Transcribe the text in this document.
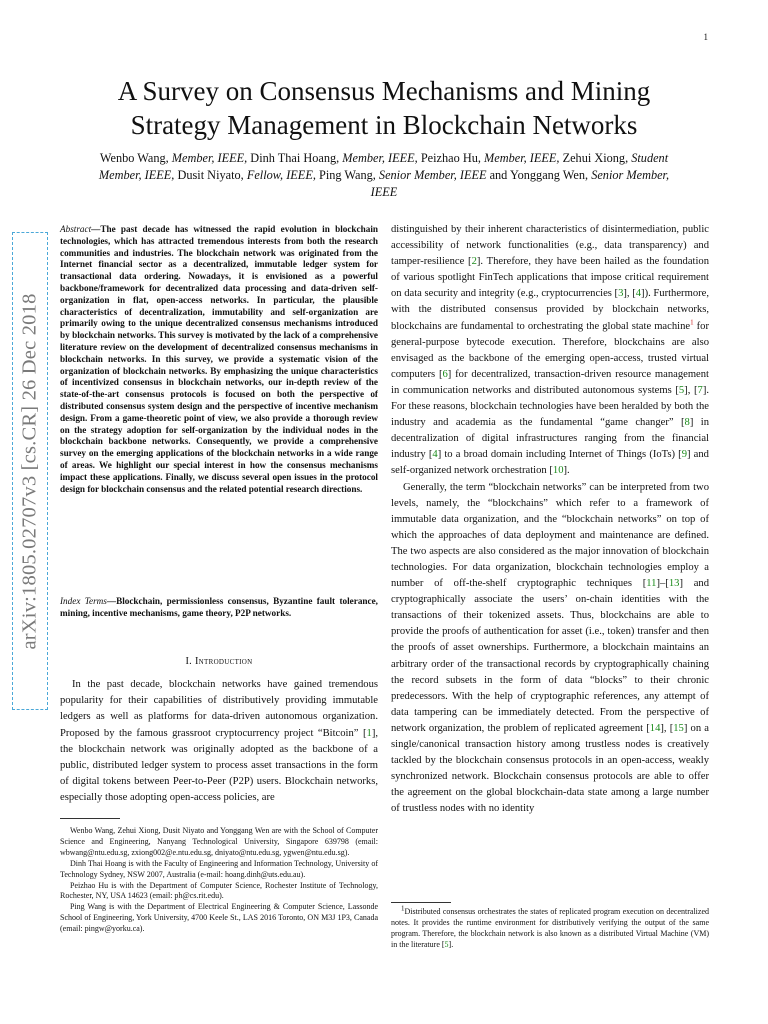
1
arXiv:1805.02707v3 [cs.CR] 26 Dec 2018
A Survey on Consensus Mechanisms and Mining
Strategy Management in Blockchain Networks
Wenbo Wang, Member, IEEE, Dinh Thai Hoang, Member, IEEE, Peizhao Hu, Member, IEEE, Zehui Xiong, Student Member, IEEE, Dusit Niyato, Fellow, IEEE, Ping Wang, Senior Member, IEEE and Yonggang Wen, Senior Member, IEEE
Abstract—The past decade has witnessed the rapid evolution in blockchain technologies, which has attracted tremendous interests from both the research communities and industries. The blockchain network was originated from the Internet financial sector as a decentralized, immutable ledger system for transactional data ordering. Nowadays, it is envisioned as a powerful backbone/framework for decentralized data processing and data-driven self-organization in flat, open-access networks. In particular, the plausible characteristics of decentralization, immutability and self-organization are primarily owing to the unique decentralized consensus mechanisms introduced by blockchain networks. This survey is motivated by the lack of a comprehensive literature review on the development of decentralized consensus mechanisms in blockchain networks. In this survey, we provide a systematic vision of the organization of blockchain networks. By emphasizing the unique characteristics of incentivized consensus in blockchain networks, our in-depth review of the state-of-the-art consensus protocols is focused on both the perspective of distributed consensus system design and the perspective of incentive mechanism design. From a game-theoretic point of view, we also provide a thorough review on the strategy adoption for self-organization by the individual nodes in the blockchain backbone networks. Consequently, we provide a comprehensive survey on the emerging applications of the blockchain networks in a wide range of areas. We highlight our special interest in how the consensus mechanisms impact these applications. Finally, we discuss several open issues in the protocol design for blockchain consensus and the related potential research directions.
Index Terms—Blockchain, permissionless consensus, Byzantine fault tolerance, mining, incentive mechanisms, game theory, P2P networks.
I. Introduction

In the past decade, blockchain networks have gained tremendous popularity for their capabilities of distributively providing immutable ledgers as well as platforms for data-driven autonomous organization. Proposed by the famous grassroot cryptocurrency project “Bitcoin” [1], the blockchain network was originally adopted as the backbone of a public, distributed ledger system to process asset transactions in the form of digital tokens between Peer-to-Peer (P2P) users. Blockchain networks, especially those adopting open-access policies, are

distinguished by their inherent characteristics of disintermediation, public accessibility of network functionalities (e.g., data transparency) and tamper-resilience [2]. Therefore, they have been hailed as the foundation of various spotlight FinTech applications that impose critical requirement on data security and integrity (e.g., cryptocurrencies [3], [4]). Furthermore, with the distributed consensus provided by blockchain networks, blockchains are fundamental to orchestrating the global state machine$^1$ for general-purpose bytecode execution. Therefore, blockchains are also envisaged as the backbone of the emerging open-access, trusted virtual computers [6] for decentralized, transaction-driven resource management in communication networks and distributed autonomous systems [5], [7]. For these reasons, blockchain technologies have been heralded by both the industry and academia as the fundamental “game changer” [8] in decentralization of digital infrastructures ranging from the financial industry [4] to a broad domain including Internet of Things (IoTs) [9] and self-organized network orchestration [10].

Generally, the term “blockchain networks” can be interpreted from two levels, namely, the “blockchains” which refer to a framework of immutable data organization, and the “blockchain networks” on top of which the approaches of data deployment and maintenance are defined. The two aspects are also considered as the major innovation of blockchain technologies. For data organization, blockchain technologies employ a number of off-the-shelf cryptographic techniques [11]–[13] and cryptographically associate the users’ on-chain identities with the transactions of their tokenized assets. Thus, blockchains are able to provide the proofs of authentication for asset (i.e., token) transfer and then the proofs of asset ownerships. Furthermore, a blockchain maintains an arbitrary order of the transactional records by cryptographically chaining the record subsets in the form of data “blocks” to their chronic predecessors. With the help of cryptographic references, any attempt of data tampering can be immediately detected. From the perspective of network organization, the problem of replicated agreement [14], [15] on a single/canonical transaction history among trustless nodes is creatively tackled by the blockchain consensus protocols in an open-access, weakly synchronized network. Blockchain consensus protocols are able to offer the agreement on the global blockchain-data state among a large number of trustless nodes with no identity

Wenbo Wang, Zehui Xiong, Dusit Niyato and Yonggang Wen are with the School of Computer Science and Engineering, Nanyang Technological University, Singapore 639798 (email: wbwang@ntu.edu.sg, zxiong002@e.ntu.edu.sg, dniyato@ntu.edu.sg, ygwen@ntu.edu.sg).

Dinh Thai Hoang is with the Faculty of Engineering and Information Technology, University of Technology Sydney, NSW 2007, Australia (e-mail: hoang.dinh@uts.edu.au).

Peizhao Hu is with the Department of Computer Science, Rochester Institute of Technology, Rochester, NY, USA 14623 (email: ph@cs.rit.edu).

Ping Wang is with the Department of Electrical Engineering & Computer Science, Lassonde School of Engineering, York University, 4700 Keele St., LAS 2016 Toronto, ON M3J 1P3, Canada (email: pingw@yorku.ca).

$^1$Distributed consensus orchestrates the states of replicated program execution on decentralized notes. It provides the runtime environment for distributively verifying the output of the same program. Therefore, the blockchain network is also known as a distributed Virtual Machine (VM) in the literature [5].
